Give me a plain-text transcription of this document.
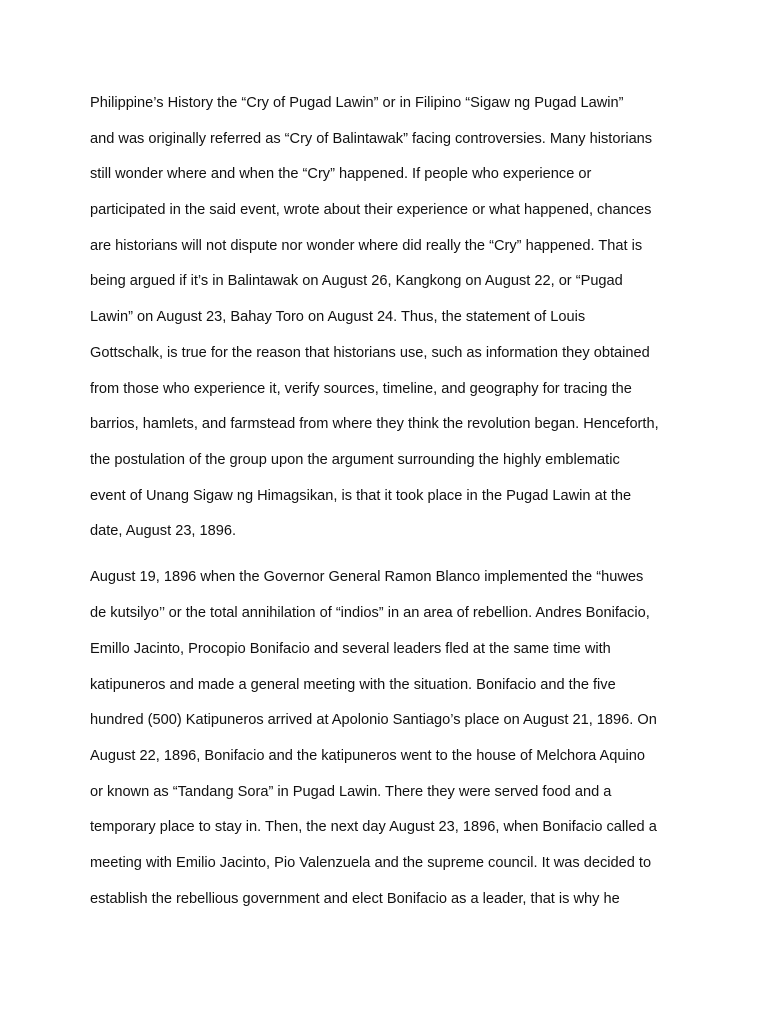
Philippine’s History the “Cry of Pugad Lawin” or in Filipino “Sigaw ng Pugad Lawin”
and was originally referred as “Cry of Balintawak” facing controversies. Many historians
still wonder where and when the “Cry” happened. If people who experience or
participated in the said event, wrote about their experience or what happened, chances
are historians will not dispute nor wonder where did really the “Cry” happened. That is
being argued if it’s in Balintawak on August 26, Kangkong on August 22, or “Pugad
Lawin” on August 23, Bahay Toro on August 24. Thus, the statement of Louis
Gottschalk, is true for the reason that historians use, such as information they obtained
from those who experience it, verify sources, timeline, and geography for tracing the
barrios, hamlets, and farmstead from where they think the revolution began. Henceforth,
the postulation of the group upon the argument surrounding the highly emblematic
event of Unang Sigaw ng Himagsikan, is that it took place in the Pugad Lawin at the
date, August 23, 1896.
August 19, 1896 when the Governor General Ramon Blanco implemented the “huwes
de kutsilyo’’ or the total annihilation of “indios” in an area of rebellion. Andres Bonifacio,
Emillo Jacinto, Procopio Bonifacio and several leaders fled at the same time with
katipuneros and made a general meeting with the situation. Bonifacio and the five
hundred (500) Katipuneros arrived at Apolonio Santiago’s place on August 21, 1896. On
August 22, 1896, Bonifacio and the katipuneros went to the house of Melchora Aquino
or known as “Tandang Sora” in Pugad Lawin. There they were served food and a
temporary place to stay in. Then, the next day August 23, 1896, when Bonifacio called a
meeting with Emilio Jacinto, Pio Valenzuela and the supreme council. It was decided to
establish the rebellious government and elect Bonifacio as a leader, that is why he
